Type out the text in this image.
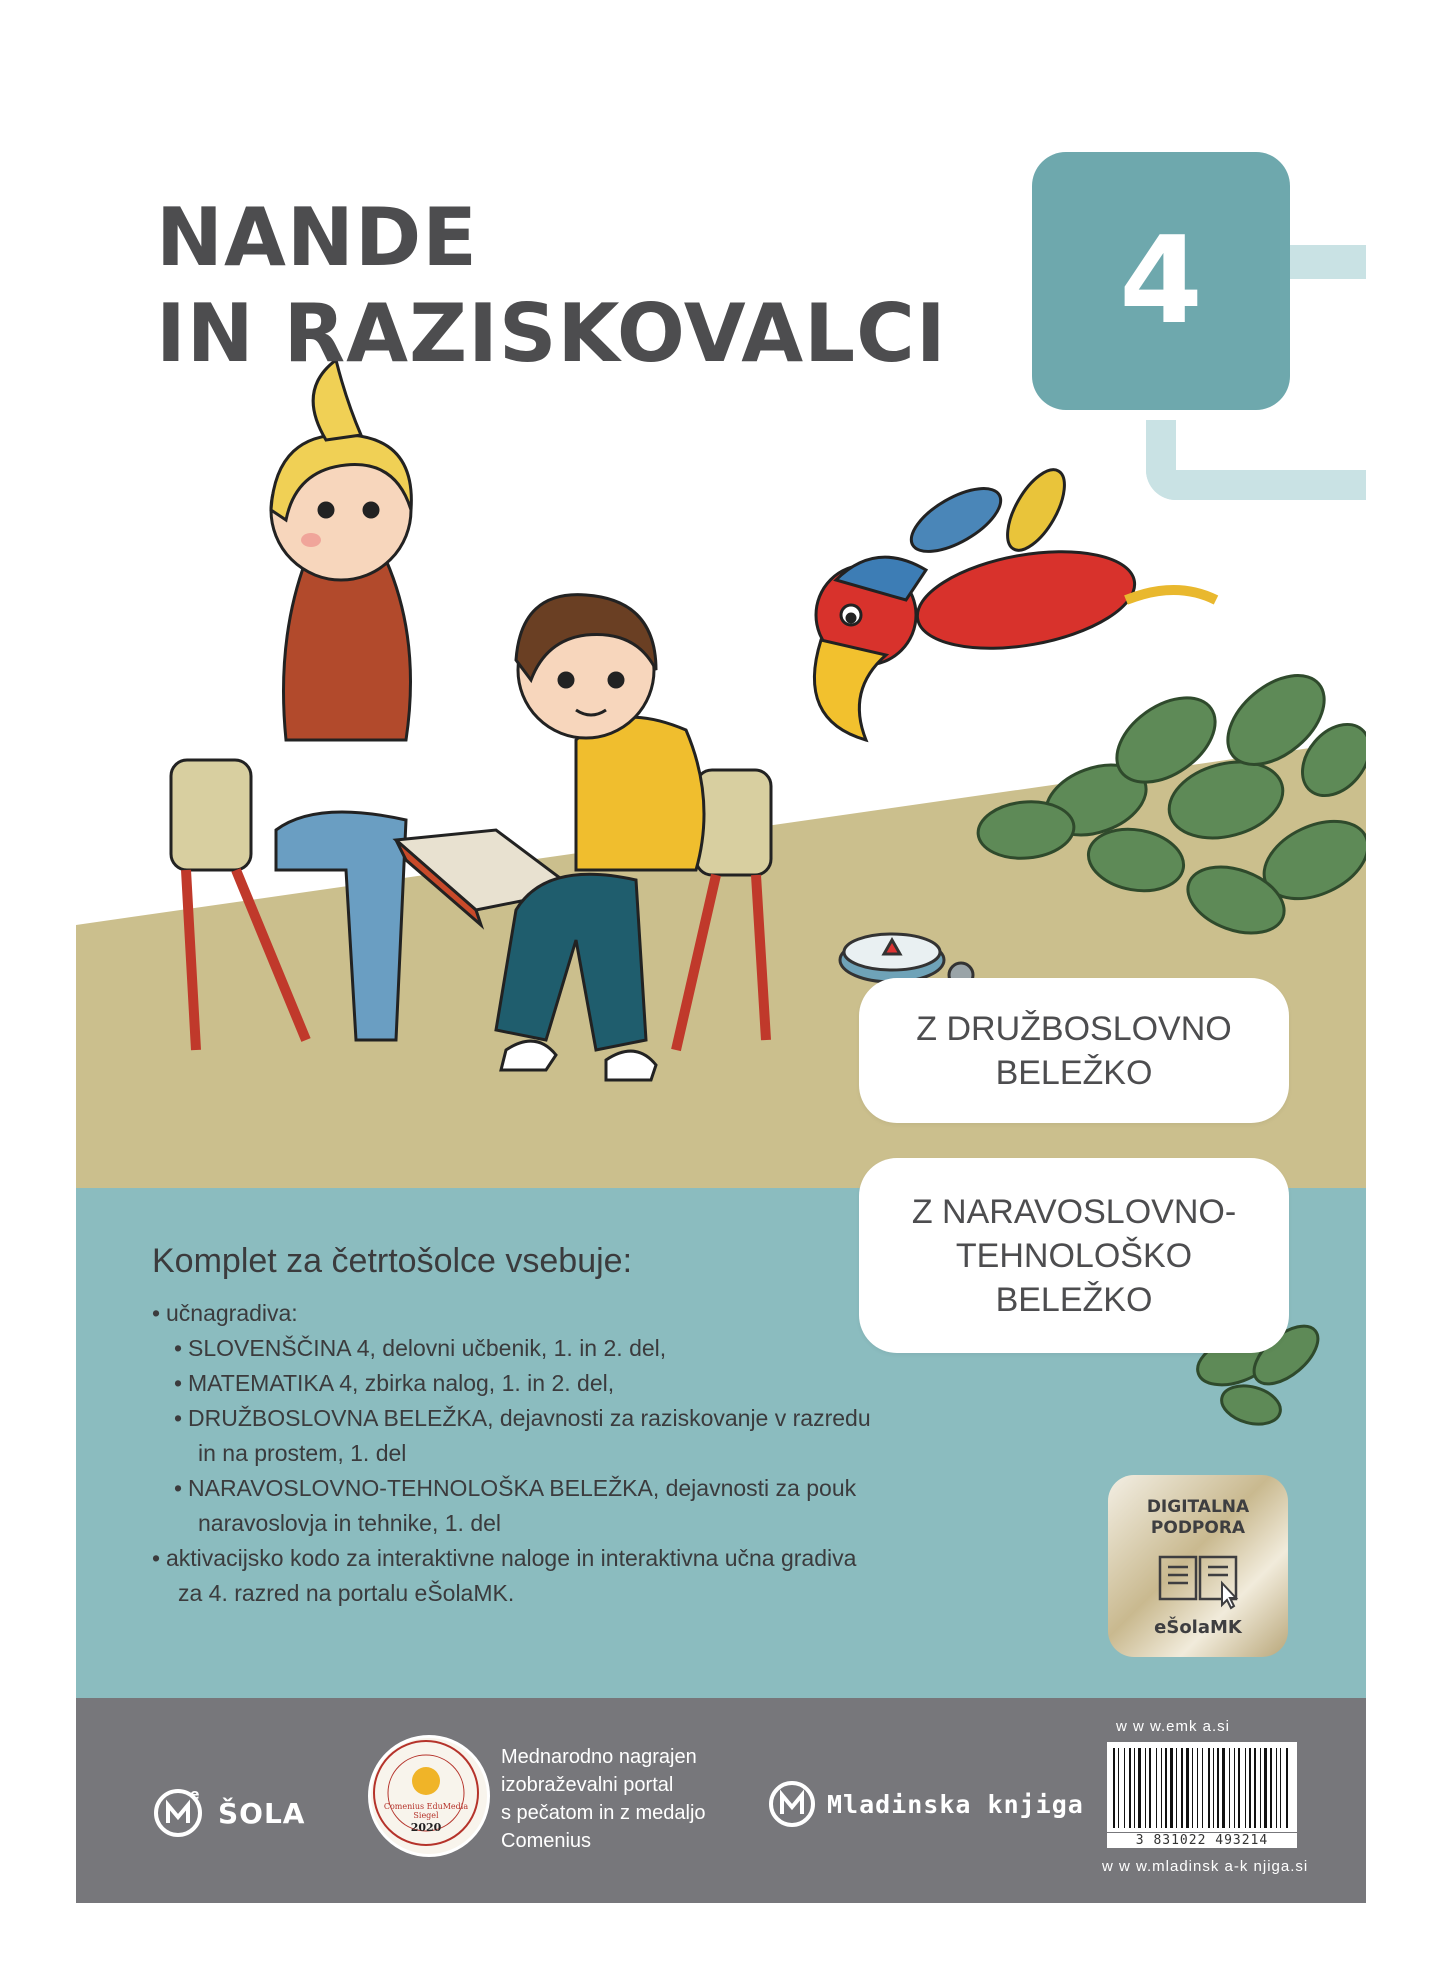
NANDE
IN RAZISKOVALCI	4
Z DRUŽBOSLOVNO
BELEŽKO
Z NARAVOSLOVNO-
TEHNOLOŠKO
BELEŽKO
Komplet za četrtošolce vsebuje:
• učnagradiva:
• SLOVENŠČINA 4, delovni učbenik, 1. in 2. del,
• MATEMATIKA 4, zbirka nalog, 1. in 2. del,
• DRUŽBOSLOVNA BELEŽKA, dejavnosti za raziskovanje v razredu
in na prostem, 1. del
• NARAVOSLOVNO-TEHNOLOŠKA BELEŽKA, dejavnosti za pouk
naravoslovja in tehnike, 1. del
• aktivacijsko kodo za interaktivne naloge in interaktivna učna gradiva
za 4. razred na portalu eŠolaMK.
DIGITALNA
PODPORA
eŠolaMK
e
ŠOLA	Comenius EduMedia
Siegel
2020
Mednarodno nagrajen
izobraževalni portal
s pečatom in z medaljo
Comenius
Mladinska knjiga
w w w.emk a.si
3 831022 493214
w w w.mladinsk a-k njiga.si
